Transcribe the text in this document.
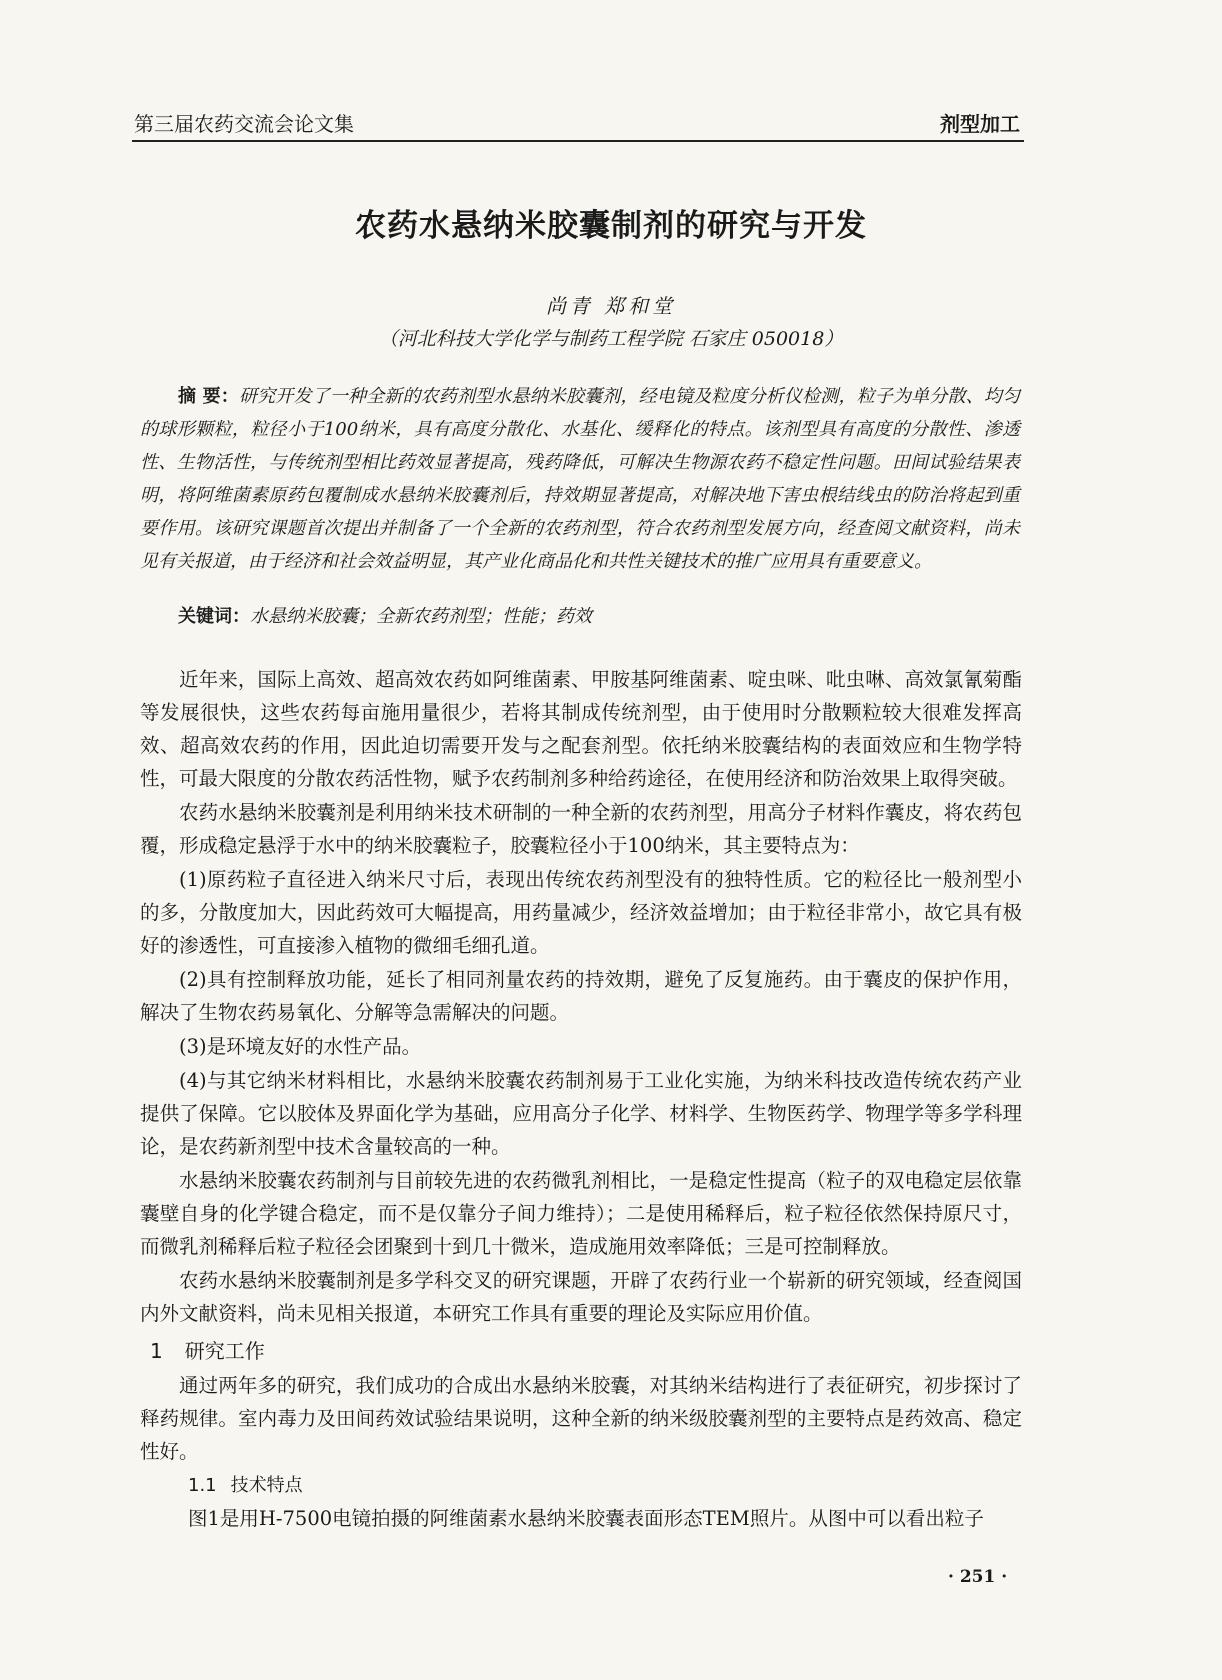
第三届农药交流会论文集	剂型加工
农药水悬纳米胶囊制剂的研究与开发
尚青 郑和堂
（河北科技大学化学与制药工程学院 石家庄 050018）
摘 要：研究开发了一种全新的农药剂型水悬纳米胶囊剂，经电镜及粒度分析仪检测，粒子为单分散、均匀的球形颗粒，粒径小于100纳米，具有高度分散化、水基化、缓释化的特点。该剂型具有高度的分散性、渗透性、生物活性，与传统剂型相比药效显著提高，残药降低，可解决生物源农药不稳定性问题。田间试验结果表明，将阿维菌素原药包覆制成水悬纳米胶囊剂后，持效期显著提高，对解决地下害虫根结线虫的防治将起到重要作用。该研究课题首次提出并制备了一个全新的农药剂型，符合农药剂型发展方向，经查阅文献资料，尚未见有关报道，由于经济和社会效益明显，其产业化商品化和共性关键技术的推广应用具有重要意义。
关键词：水悬纳米胶囊；全新农药剂型；性能；药效

近年来，国际上高效、超高效农药如阿维菌素、甲胺基阿维菌素、啶虫咪、吡虫啉、高效氯氰菊酯等发展很快，这些农药每亩施用量很少，若将其制成传统剂型，由于使用时分散颗粒较大很难发挥高效、超高效农药的作用，因此迫切需要开发与之配套剂型。依托纳米胶囊结构的表面效应和生物学特性，可最大限度的分散农药活性物，赋予农药制剂多种给药途径，在使用经济和防治效果上取得突破。

农药水悬纳米胶囊剂是利用纳米技术研制的一种全新的农药剂型，用高分子材料作囊皮，将农药包覆，形成稳定悬浮于水中的纳米胶囊粒子，胶囊粒径小于100纳米，其主要特点为：

(1)原药粒子直径进入纳米尺寸后，表现出传统农药剂型没有的独特性质。它的粒径比一般剂型小的多，分散度加大，因此药效可大幅提高，用药量减少，经济效益增加；由于粒径非常小，故它具有极好的渗透性，可直接渗入植物的微细毛细孔道。

(2)具有控制释放功能，延长了相同剂量农药的持效期，避免了反复施药。由于囊皮的保护作用，解决了生物农药易氧化、分解等急需解决的问题。

(3)是环境友好的水性产品。

(4)与其它纳米材料相比，水悬纳米胶囊农药制剂易于工业化实施，为纳米科技改造传统农药产业提供了保障。它以胶体及界面化学为基础，应用高分子化学、材料学、生物医药学、物理学等多学科理论，是农药新剂型中技术含量较高的一种。

水悬纳米胶囊农药制剂与目前较先进的农药微乳剂相比，一是稳定性提高（粒子的双电稳定层依靠囊壁自身的化学键合稳定，而不是仅靠分子间力维持）；二是使用稀释后，粒子粒径依然保持原尺寸，而微乳剂稀释后粒子粒径会团聚到十到几十微米，造成施用效率降低；三是可控制释放。

农药水悬纳米胶囊制剂是多学科交叉的研究课题，开辟了农药行业一个崭新的研究领域，经查阅国内外文献资料，尚未见相关报道，本研究工作具有重要的理论及实际应用价值。

1 研究工作

通过两年多的研究，我们成功的合成出水悬纳米胶囊，对其纳米结构进行了表征研究，初步探讨了释药规律。室内毒力及田间药效试验结果说明，这种全新的纳米级胶囊剂型的主要特点是药效高、稳定性好。

1.1 技术特点
图1是用H-7500电镜拍摄的阿维菌素水悬纳米胶囊表面形态TEM照片。从图中可以看出粒子
· 251 ·
